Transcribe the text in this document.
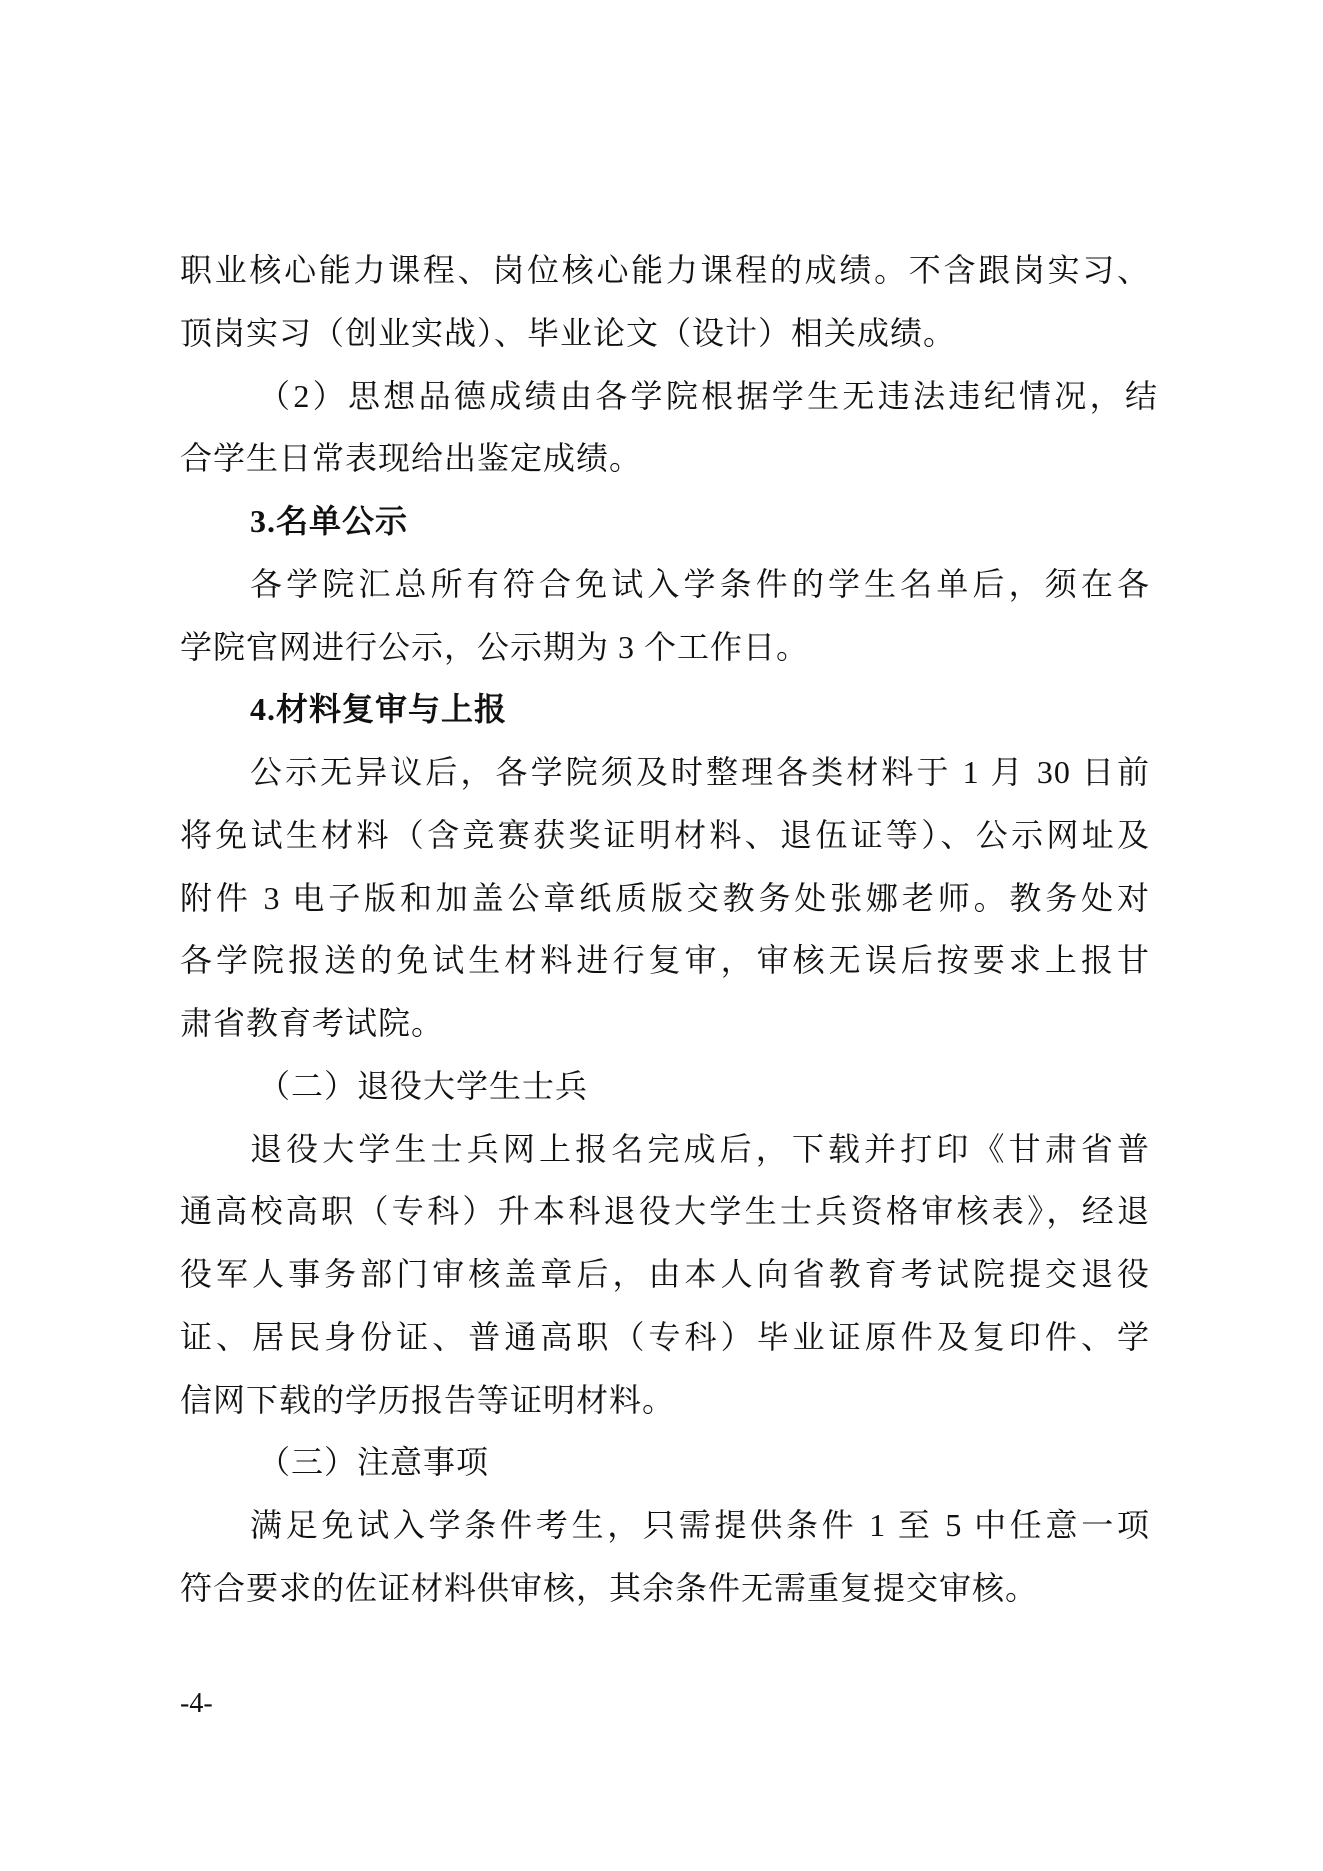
职业核心能力课程、岗位核心能力课程的成绩。不含跟岗实习、
顶岗实习（创业实战）、毕业论文（设计）相关成绩。
（2）思想品德成绩由各学院根据学生无违法违纪情况，结
合学生日常表现给出鉴定成绩。
3.名单公示
各学院汇总所有符合免试入学条件的学生名单后，须在各
学院官网进行公示，公示期为 3 个工作日。
4.材料复审与上报
公示无异议后，各学院须及时整理各类材料于 1 月 30 日前
将免试生材料（含竞赛获奖证明材料、退伍证等）、公示网址及
附件 3 电子版和加盖公章纸质版交教务处张娜老师。教务处对
各学院报送的免试生材料进行复审，审核无误后按要求上报甘
肃省教育考试院。
（二）退役大学生士兵
退役大学生士兵网上报名完成后，下载并打印《甘肃省普
通高校高职（专科）升本科退役大学生士兵资格审核表》，经退
役军人事务部门审核盖章后，由本人向省教育考试院提交退役
证、居民身份证、普通高职（专科）毕业证原件及复印件、学
信网下载的学历报告等证明材料。
（三）注意事项
满足免试入学条件考生，只需提供条件 1 至 5 中任意一项
符合要求的佐证材料供审核，其余条件无需重复提交审核。
-4-
